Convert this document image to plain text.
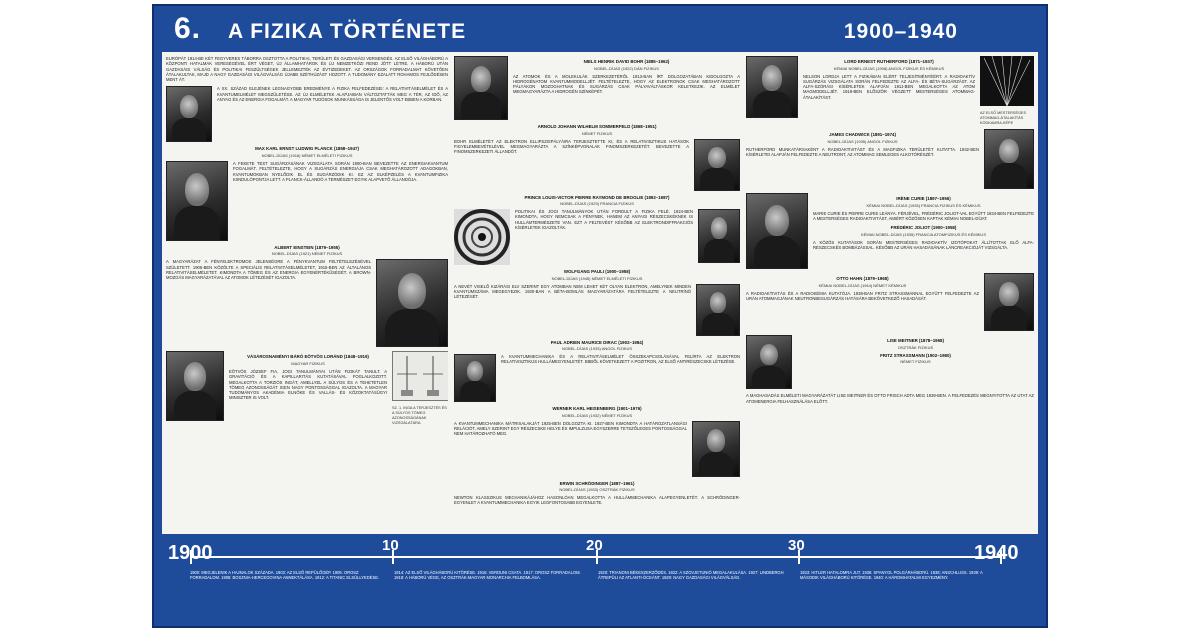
6. A FIZIKA TÖRTÉNETE	1900–1940

EURÓPÁT 1914-BE KÉT FEGYVERES TÁBORRA OSZTOTTA A POLITIKAI, TERÜLETI ÉS GAZDASÁGI VERSENGÉS. AZ ELSŐ VILÁGHÁBORÚ A KÖZPONTI HATALMAK VERESÉGÉVEL ÉRT VÉGET, ÚJ ÁLLAMHATÁROK ÉS ÚJ NEMZETKÖZI REND JÖTT LÉTRE. A HÁBORÚ UTÁN GAZDASÁGI VÁLSÁG ÉS POLITIKAI FESZÜLTSÉGEK JELLEMEZTÉK AZ ÉVTIZEDEKET. AZ ORSZÁGOK FORRADALMAT KÖVETŐEN ÁTALAKULTAK, MAJD A NAGY GAZDASÁGI VILÁGVÁLSÁG ÚJABB SZÉTHÚZÁST HOZOTT. A TUDOMÁNY EZALATT ROHAMOS FEJLŐDÉSEN MENT ÁT.

A XX. SZÁZAD ELEJÉNEK LEGNAGYOBB EREDMÉNYE A FIZIKA FELFEDEZÉSEI: A RELATIVITÁSELMÉLET ÉS A KVANTUMELMÉLET MEGSZÜLETÉSE. AZ ÚJ ELMÉLETEK ALAPJAIBAN VÁLTOZTATTÁK MEG A TÉR, AZ IDŐ, AZ ANYAG ÉS AZ ENERGIA FOGALMÁT. A MAGYAR TUDÓSOK MUNKÁSSÁGA IS JELENTŐS VOLT EBBEN A KORBAN.

MAX KARL ERNST LUDWIG PLANCK (1858–1947)
NOBEL-DÍJAS (1918) NÉMET ELMÉLETI FIZIKUS

A FEKETE TEST SUGÁRZÁSÁNAK VIZSGÁLATA SORÁN 1900-BAN BEVEZETTE AZ ENERGIAKVANTUM FOGALMÁT. FELTÉTELEZTE, HOGY A SUGÁRZÁS ENERGIÁJA CSAK MEGHATÁROZOTT ADAGOKBAN, KVANTUMOKBAN NYELŐDIK EL ÉS SUGÁRZÓDIK KI. EZ AZ ELKÉPZELÉS A KVANTUMFIZIKA KIINDULÓPONTJA LETT. A PLANCK-ÁLLANDÓ A TERMÉSZET EGYIK ALAPVETŐ ÁLLANDÓJA.

ALBERT EINSTEIN (1879–1955)
NOBEL-DÍJAS (1921) NÉMET FIZIKUS

A MAGYARÁZAT A FÉNYELEKTROMOS JELENSÉGRE A FÉNYKVANTUM FELTÉTELEZÉSÉVEL SZÜLETETT. 1905-BEN KÖZÖLTE A SPECIÁLIS RELATIVITÁSELMÉLETET, 1915-BEN AZ ÁLTALÁNOS RELATIVITÁSELMÉLETET. KIMONDTA A TÖMEG ÉS AZ ENERGIA EGYENÉRTÉKŰSÉGÉT. A BROWN-MOZGÁS MAGYARÁZATÁVAL AZ ATOMOK LÉTEZÉSÉT IGAZOLTA.

VÁSÁROSNAMÉNYI BÁRÓ EÖTVÖS LORÁND (1848–1919)
MAGYAR FIZIKUS

EÖTVÖS JÓZSEF FIA, JOGI TANULMÁNYAI UTÁN FIZIKÁT TANULT. A GRAVITÁCIÓ ÉS A KAPILLARITÁS KUTATÁSÁVAL FOGLALKOZOTT. MEGALKOTTA A TORZIÓS INGÁT, AMELLYEL A SÚLYOS ÉS A TEHETETLEN TÖMEG AZONOSSÁGÁT IGEN NAGY PONTOSSÁGGAL IGAZOLTA. A MAGYAR TUDOMÁNYOS AKADÉMIA ELNÖKE ÉS VALLÁS- ÉS KÖZOKTATÁSÜGYI MINISZTER IS VOLT.

SZ. 1. INGA A TERJESZTÉS ÉS A SÚLYOS TÖMEG AZONOSSÁGÁNAK VIZSGÁLATÁRA.
NIELS HENRIK DAVID BOHR (1885–1962)
NOBEL-DÍJAS (1922) DÁN FIZIKUS

AZ ATOMOK ÉS A MOLEKULÁK SZERKEZETÉRŐL 1913-BAN ÍRT DOLGOZATÁBAN KIDOLGOZTA A HIDROGÉNATOM KVANTUMMODELLJÉT. FELTÉTELEZTE, HOGY AZ ELEKTRONOK CSAK MEGHATÁROZOTT PÁLYÁKON MOZOGHATNAK ÉS SUGÁRZÁS CSAK PÁLYAVÁLTÁSKOR KELETKEZIK. AZ ELMÉLET MEGMAGYARÁZTA A HIDROGÉN SZÍNKÉPÉT.

ARNOLD JOHANN WILHELM SOMMERFELD (1868–1951)
NÉMET FIZIKUS

BOHR ELMÉLETÉT AZ ELEKTRON ELLIPSZISPÁLYÁIRA TERJESZTETTE KI, ÉS A RELATIVISZTIKUS HATÁSOK FIGYELEMBEVÉTELÉVEL MEGMAGYARÁZTA A SZÍNKÉPVONALAK FINOMSZERKEZETÉT. BEVEZETTE A FINOMSZERKEZETI ÁLLANDÓT.

PRINCE LOUIS-VICTOR PIERRE RAYMOND DE BROGLIE (1892–1987)
NOBEL-DÍJAS (1929) FRANCIA FIZIKUS

POLITIKAI ÉS JOGI TANULMÁNYOK UTÁN FORDULT A FIZIKA FELÉ. 1924-BEN KIMONDTA, HOGY NEMCSAK A FÉNYNEK, HANEM AZ ANYAGI RÉSZECSKÉKNEK IS HULLÁMTERMÉSZETE VAN. EZT A FELTEVÉST KÉSŐBB AZ ELEKTRONDIFFRAKCIÓS KÍSÉRLETEK IGAZOLTÁK.

WOLFGANG PAULI (1900–1958)
NOBEL-DÍJAS (1945) NÉMET ELMÉLETI FIZIKUS

A NEVÉT VISELŐ KIZÁRÁSI ELV SZERINT EGY ATOMBAN NEM LEHET KÉT OLYAN ELEKTRON, AMELYNEK MINDEN KVANTUMSZÁMA MEGEGYEZIK. 1930-BAN A BÉTA-BOMLÁS MAGYARÁZATÁRA FELTÉTELEZTE A NEUTRÍNÓ LÉTEZÉSÉT.

PAUL ADRIEN MAURICE DIRAC (1902–1984)
NOBEL-DÍJAS (1933) ANGOL FIZIKUS

A KVANTUMMECHANIKA ÉS A RELATIVITÁSELMÉLET ÖSSZEKAPCSOLÁSÁVAL FELÍRTA AZ ELEKTRON RELATIVISZTIKUS HULLÁMEGYENLETÉT. EBBŐL KÖVETKEZETT A POZITRON, AZ ELSŐ ANTIRÉSZECSKE LÉTEZÉSE.

WERNER KARL HEISENBERG (1901–1976)
NOBEL-DÍJAS (1932) NÉMET FIZIKUS

A KVANTUMMECHANIKA MÁTRIXALAKJÁT 1925-BEN DOLGOZTA KI. 1927-BEN KIMONDTA A HATÁROZATLANSÁGI RELÁCIÓT, AMELY SZERINT EGY RÉSZECSKE HELYE ÉS IMPULZUSA EGYSZERRE TETSZŐLEGES PONTOSSÁGGAL NEM HATÁROZHATÓ MEG.

ERWIN SCHRÖDINGER (1887–1961)
NOBEL-DÍJAS (1933) OSZTRÁK FIZIKUS

NEWTON KLASSZIKUS MECHANIKÁJÁHOZ HASONLÓAN MEGALKOTTA A HULLÁMMECHANIKA ALAPEGYENLETÉT. A SCHRÖDINGER-EGYENLET A KVANTUMMECHANIKA EGYIK LEGFONTOSABB EGYENLETE.

LORD ERNEST RUTHERFORD (1871–1937)
KÉMIAI NOBEL-DÍJAS (1908) ANGOL FIZIKUS ÉS KÉMIKUS

NELSON LORDJA LETT A FIZIKÁBAN ELÉRT TELJESÍTMÉNYÉÉRT. A RADIOAKTÍV SUGÁRZÁS VIZSGÁLATA SORÁN FELFEDEZTE AZ ALFA- ÉS BÉTA-SUGÁRZÁST. AZ ALFA-SZÓRÁSI KÍSÉRLETEK ALAPJÁN 1911-BEN MEGALKOTTA AZ ATOM MAGMODELLJÉT. 1919-BEN ELŐSZÖR VÉGZETT MESTERSÉGES ATOMMAG-ÁTALAKÍTÁST.

AZ ELSŐ MESTERSÉGES ATOMMAG-ÁTALAKÍTÁS KÖDKAMRA-KÉPE
JAMES CHADWICK (1891–1974)
NOBEL-DÍJAS (1935) ANGOL FIZIKUS

RUTHERFORD MUNKATÁRSAKÉNT A RADIOAKTIVITÁST ÉS A MAGFIZIKA TERÜLETÉT KUTATTA. 1932-BEN KÍSÉRLETEI ALAPJÁN FELFEDEZTE A NEUTRONT, AZ ATOMMAG SEMLEGES ALKOTÓRÉSZÉT.

IRÈNE CURIE (1897–1956)
KÉMIAI NOBEL-DÍJAS (1935) FRANCIA FIZIKUS ÉS KÉMIKUS

MARIE CURIE ÉS PIERRE CURIE LEÁNYA. FÉRJÉVEL, FRÉDÉRIC JOLIOT-VAL EGYÜTT 1934-BEN FELFEDEZTE A MESTERSÉGES RADIOAKTIVITÁST, AMIÉRT KÖZÖSEN KAPTAK KÉMIAI NOBEL-DÍJAT.

FRÉDÉRIC JOLIOT (1900–1958)
KÉMIAI NOBEL-DÍJAS (1935) FRANCIA ATOMFIZIKUS ÉS KÉMIKUS

A KÖZÖS KUTATÁSOK SORÁN MESTERSÉGES RADIOAKTÍV IZOTÓPOKAT ÁLLÍTOTTAK ELŐ ALFA-RÉSZECSKÉS BOMBÁZÁSSAL. KÉSŐBB AZ URÁN HASADÁSÁNAK LÁNCREAKCIÓJÁT VIZSGÁLTA.

OTTO HAHN (1879–1968)
KÉMIAI NOBEL-DÍJAS (1944) NÉMET KÉMIKUS

A RADIOAKTIVITÁS ÉS A RADIOKÉMIA KUTATÓJA. 1938-BAN FRITZ STRASSMANNAL EGYÜTT FELFEDEZTE AZ URÁN ATOMMAGJÁNAK NEUTRONBESUGÁRZÁS HATÁSÁRA BEKÖVETKEZŐ HASADÁSÁT.

LISE MEITNER (1878–1968)
OSZTRÁK FIZIKUS
FRITZ STRASSMANN (1902–1980)
NÉMET FIZIKUS

A MAGHASADÁS ELMÉLETI MAGYARÁZATÁT LISE MEITNER ÉS OTTO FRISCH ADTA MEG 1939-BEN. A FELFEDEZÉS MEGNYITOTTA AZ UTAT AZ ATOMENERGIA FELHASZNÁLÁSA ELŐTT.

1900	10	20	30	1940
1900: MEGJELENIK A HAJNALOK SZÁZADA. 1903: AZ ELSŐ REPÜLŐGÉP. 1905: OROSZ FORRADALOM. 1908: BOSZNIA-HERCEGOVINA ANNEKTÁLÁSA. 1912: A TITANIC ELSÜLLYEDÉSE.
1914: AZ ELSŐ VILÁGHÁBORÚ KITÖRÉSE. 1916: VERDUNI CSATA. 1917: OROSZ FORRADALOM. 1918: A HÁBORÚ VÉGE, AZ OSZTRÁK-MAGYAR MONARCHIA FELBOMLÁSA.
1920: TRIANONI BÉKESZERZŐDÉS. 1922: A SZOVJETUNIÓ MEGALAKULÁSA. 1927: LINDBERGH ÁTREPÜLI AZ ATLANTI-ÓCEÁNT. 1929: NAGY GAZDASÁGI VILÁGVÁLSÁG.
1933: HITLER HATALOMRA JUT. 1936: SPANYOL POLGÁRHÁBORÚ. 1938: ANSCHLUSS. 1939: A MÁSODIK VILÁGHÁBORÚ KITÖRÉSE. 1940: A HÁROMHATALMI EGYEZMÉNY.
